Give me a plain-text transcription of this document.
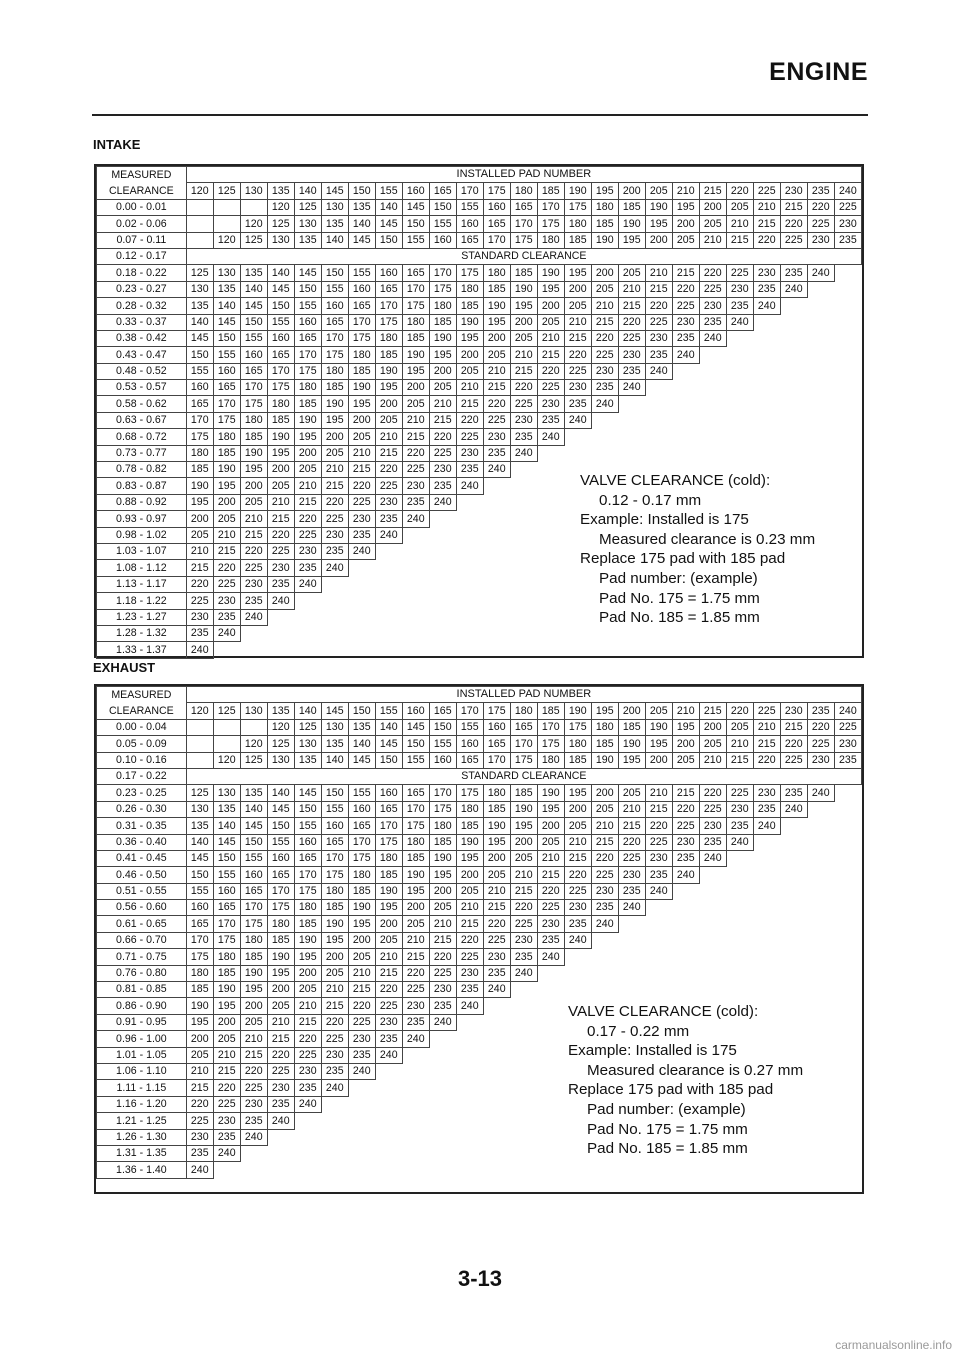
ENGINE
INTAKE
MEASURED	INSTALLED PAD NUMBER																								
CLEARANCE	120	125	130	135	140	145	150	155	160	165	170	175	180	185	190	195	200	205	210	215	220	225	230	235	240
0.00 - 0.01				120	125	130	135	140	145	150	155	160	165	170	175	180	185	190	195	200	205	210	215	220	225
0.02 - 0.06			120	125	130	135	140	145	150	155	160	165	170	175	180	185	190	195	200	205	210	215	220	225	230
0.07 - 0.11		120	125	130	135	140	145	150	155	160	165	170	175	180	185	190	195	200	205	210	215	220	225	230	235
0.12 - 0.17	STANDARD CLEARANCE																								
0.18 - 0.22	125	130	135	140	145	150	155	160	165	170	175	180	185	190	195	200	205	210	215	220	225	230	235	240	
0.23 - 0.27	130	135	140	145	150	155	160	165	170	175	180	185	190	195	200	205	210	215	220	225	230	235	240		
0.28 - 0.32	135	140	145	150	155	160	165	170	175	180	185	190	195	200	205	210	215	220	225	230	235	240			
0.33 - 0.37	140	145	150	155	160	165	170	175	180	185	190	195	200	205	210	215	220	225	230	235	240				
0.38 - 0.42	145	150	155	160	165	170	175	180	185	190	195	200	205	210	215	220	225	230	235	240					
0.43 - 0.47	150	155	160	165	170	175	180	185	190	195	200	205	210	215	220	225	230	235	240						
0.48 - 0.52	155	160	165	170	175	180	185	190	195	200	205	210	215	220	225	230	235	240							
0.53 - 0.57	160	165	170	175	180	185	190	195	200	205	210	215	220	225	230	235	240								
0.58 - 0.62	165	170	175	180	185	190	195	200	205	210	215	220	225	230	235	240									
0.63 - 0.67	170	175	180	185	190	195	200	205	210	215	220	225	230	235	240										
0.68 - 0.72	175	180	185	190	195	200	205	210	215	220	225	230	235	240											
0.73 - 0.77	180	185	190	195	200	205	210	215	220	225	230	235	240												
0.78 - 0.82	185	190	195	200	205	210	215	220	225	230	235	240													
0.83 - 0.87	190	195	200	205	210	215	220	225	230	235	240														
0.88 - 0.92	195	200	205	210	215	220	225	230	235	240															
0.93 - 0.97	200	205	210	215	220	225	230	235	240																
0.98 - 1.02	205	210	215	220	225	230	235	240																	
1.03 - 1.07	210	215	220	225	230	235	240																		
1.08 - 1.12	215	220	225	230	235	240																			
1.13 - 1.17	220	225	230	235	240																				
1.18 - 1.22	225	230	235	240																					
1.23 - 1.27	230	235	240																						
1.28 - 1.32	235	240																							
1.33 - 1.37	240																								
VALVE CLEARANCE (cold):
0.12 - 0.17 mm
Example: Installed is 175
Measured clearance is 0.23 mm
Replace 175 pad with 185 pad
Pad number: (example)
Pad No. 175 = 1.75 mm
Pad No. 185 = 1.85 mm
EXHAUST
MEASURED	INSTALLED PAD NUMBER																								
CLEARANCE	120	125	130	135	140	145	150	155	160	165	170	175	180	185	190	195	200	205	210	215	220	225	230	235	240
0.00 - 0.04				120	125	130	135	140	145	150	155	160	165	170	175	180	185	190	195	200	205	210	215	220	225
0.05 - 0.09			120	125	130	135	140	145	150	155	160	165	170	175	180	185	190	195	200	205	210	215	220	225	230
0.10 - 0.16		120	125	130	135	140	145	150	155	160	165	170	175	180	185	190	195	200	205	210	215	220	225	230	235
0.17 - 0.22	STANDARD CLEARANCE																								
0.23 - 0.25	125	130	135	140	145	150	155	160	165	170	175	180	185	190	195	200	205	210	215	220	225	230	235	240	
0.26 - 0.30	130	135	140	145	150	155	160	165	170	175	180	185	190	195	200	205	210	215	220	225	230	235	240		
0.31 - 0.35	135	140	145	150	155	160	165	170	175	180	185	190	195	200	205	210	215	220	225	230	235	240			
0.36 - 0.40	140	145	150	155	160	165	170	175	180	185	190	195	200	205	210	215	220	225	230	235	240				
0.41 - 0.45	145	150	155	160	165	170	175	180	185	190	195	200	205	210	215	220	225	230	235	240					
0.46 - 0.50	150	155	160	165	170	175	180	185	190	195	200	205	210	215	220	225	230	235	240						
0.51 - 0.55	155	160	165	170	175	180	185	190	195	200	205	210	215	220	225	230	235	240							
0.56 - 0.60	160	165	170	175	180	185	190	195	200	205	210	215	220	225	230	235	240								
0.61 - 0.65	165	170	175	180	185	190	195	200	205	210	215	220	225	230	235	240									
0.66 - 0.70	170	175	180	185	190	195	200	205	210	215	220	225	230	235	240										
0.71 - 0.75	175	180	185	190	195	200	205	210	215	220	225	230	235	240											
0.76 - 0.80	180	185	190	195	200	205	210	215	220	225	230	235	240												
0.81 - 0.85	185	190	195	200	205	210	215	220	225	230	235	240													
0.86 - 0.90	190	195	200	205	210	215	220	225	230	235	240														
0.91 - 0.95	195	200	205	210	215	220	225	230	235	240															
0.96 - 1.00	200	205	210	215	220	225	230	235	240																
1.01 - 1.05	205	210	215	220	225	230	235	240																	
1.06 - 1.10	210	215	220	225	230	235	240																		
1.11 - 1.15	215	220	225	230	235	240																			
1.16 - 1.20	220	225	230	235	240																				
1.21 - 1.25	225	230	235	240																					
1.26 - 1.30	230	235	240																						
1.31 - 1.35	235	240																							
1.36 - 1.40	240																								
VALVE CLEARANCE (cold):
0.17 - 0.22 mm
Example: Installed is 175
Measured clearance is 0.27 mm
Replace 175 pad with 185 pad
Pad number: (example)
Pad No. 175 = 1.75 mm
Pad No. 185 = 1.85 mm
3-13
carmanualsonline.info
